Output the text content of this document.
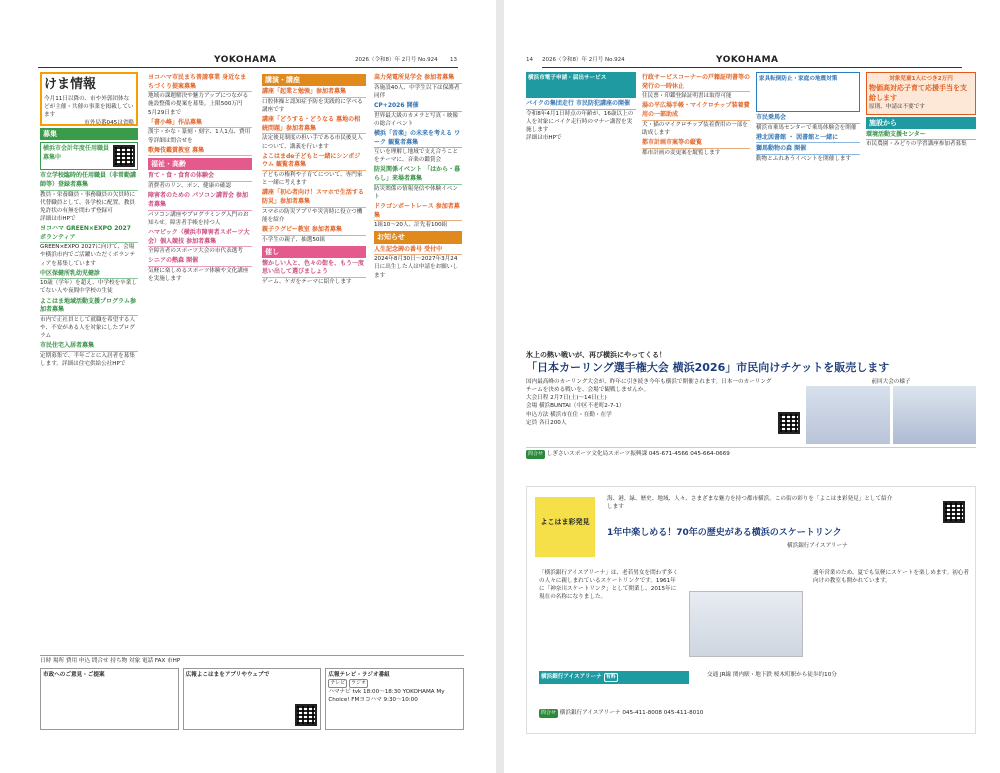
YOKOHAMA	2026（令和8）年 2月号 No.924 13
けま情報
今月11日以降の、市や外郭団体などが主催・共催の事業を掲載しています
市外局番045は省略
募集
横浜市会計年度任用職員募集中
市立学校臨時的任用職員（非常勤講師等）登録者募集
教員・栄養職員・事務職員の欠員時に代替職員として、各学校に配置。教員免許状の有無を問わず登録可
詳細は市HPで
ヨコハマ GREEN×EXPO 2027 ボランティア
GREEN×EXPO 2027に向けて、会場や横浜市内でご活躍いただくボランティアを募集しています
中区保健所乳幼児健診
10歳（学年）を超え、中学校を卒業してない人や夜間中学校の生徒
よこはま地域活動支援プログラム参加者募集
市内で正社員として就職を希望する人や、不安がある人を対象にしたプログラム
市民住宅入居者募集
定期募集で、半年ごとに入居者を募集します。詳細は住宅供給公社HPで
ヨコハマ市民まち普請事業 身近なまちづくり提案募集
地域の課題解決や魅力アップにつながる施設整備の提案を募集。上限500万円
5月29日まで
「書小峰」作品募集
漢字・かな・篆刻・刻字、1人1点、費用等詳細は問合せを
歌舞伎鑑賞教室 募集
福祉・高齢
育て・食・食育の体験会
消費者のリン、ポン、健康の確認
障害者のための パソコン講習会 参加者募集
パソコン講座やプログラミング入門のお知らせ。障害者手帳を持つ人
ハマピック（横浜市障害者スポーツ大会）個人競技 参加者募集
全障害者のスポーツ大会の市代表選考
シニアの熱森 開催
気軽に楽しめるスポーツ体験や文化講座を実施します
講演・講座
講座「起業と勉強」参加者募集
口腔体操と認知症予防を実践的に学べる講座です
講座「どうする・どうなる 墓地の相続問題」参加者募集
法定後見制度の担い手である市民後見人について、講義を行います
よこはまde子どもと一緒にシンポジウム 観覧者募集
子どもの権利や子育てについて、専門家と一緒に考えます
講座「初心者向け！スマホで生活する防災」参加者募集
スマホの防災アプリや災害時に役立つ機能を紹介
親子ラグビー教室 参加者募集
小学生の親子、抽選50組
催し
懐かしい人と、色々の街を、もう一度 思い出して選びましょう
ゲーム、ケガをテーマに紹介します
高力発電所見学会 参加者募集
各施設40人、中学生以下は保護者同伴
CP+2026 開催
世界最大級のカメラと写真・映像の総合イベント
横浜「音楽」の未来を考える ワーク 観覧者募集
互いを理解し地域で支え合うことをテーマに、音楽の鑑賞会
防災関係イベント 「はから・暮らし」来場者募集
防災関係の情報発信や体験イベント
ドラゴンボートレース 参加者募集
1組10〜20人、計先着100組
お知らせ
人生記念碑の番号 受付中
2024年8月30日〜2027年3月24日に出生した人は申請をお願いします
日時 場所 費用 申込 問合せ 持ち物 対象 電話 FAX 市HP
市政へのご意見・ご提案	広報よこはまをアプリやウェブで	広報テレビ・ラジオ番組
テレビ ラジオ
ハマナビ tvk 18:00〜18:30 YOKOHAMA My Choice! FMヨコハマ 9:30〜10:00
14 2026（令和8）年 2月号 No.924	YOKOHAMA
横浜市電子申請・届出サービス
バイクの集団走行 市民防犯講座の開催
令和8年4月1日時点の年齢が、16歳以上の人を対象にバイク走行時のマナー講習を実施します
詳細は市HPで
行政サービスコーナーの戸籍証明書等の発行の一時休止
住民票・印鑑登録証明書は取得可能
湯の平広場手帳・マイクロチップ装着費用の一部助成
犬・猫のマイクロチップ装着費用の一部を助成します
都市計画市案等の縦覧
都市計画の変更案を縦覧します
家具転倒防止・家庭の地震対策
市民乗馬会
横浜市乗馬センターで乗馬体験会を開催
港北図書館 ・ 図書館と一緒に
獅馬動物の森 開催
動物とふれあうイベントを開催します
対象児童1人につき2万円
物価高対応子育て応援手当を支給します
原則、申請は不要です
施設から
環境活動支援センター
市民農園・みどりの学習講座参加者募集
氷上の熱い戦いが、再び横浜にやってくる！
「日本カーリング選手権大会 横浜2026」市民向けチケットを販売します
国内最高峰のカーリング大会が、昨年に引き続き今年も横浜で開催されます。日本一のカーリングチームを決める戦いを、会場で観戦しませんか。
大会日程 2月7日(土)〜14日(土)
会場 横浜BUNTAI（中区不老町2-7-1）
申込方法 横浜市在住・在勤・在学
定員 各日200人
前回大会の様子
問合せ しぎさいスポーツ文化局スポーツ振興課 045-671-4566 045-664-0669
よこはま彩発見
海、港、緑、歴史、地域、人々、さまざまな魅力を持つ都市横浜。この街の彩りを「よこはま彩発見」として紹介します
1年中楽しめる！70年の歴史がある横浜のスケートリンク
横浜銀行アイスアリーナ
「横浜銀行アイスアリーナ」は、老若男女を問わず多くの人々に親しまれているスケートリンクです。1961年に「神奈川スケートリンク」として開業し、2015年に現在の名称になりました。
通年営業のため、夏でも気軽にスケートを楽しめます。初心者向けの教室も開かれています。
横浜銀行アイスアリーナ 有料	交通 JR線 関内駅・地下鉄 桜木町駅から徒歩約10分
問合せ 横浜銀行アイスアリーナ 045-411-8008 045-411-8010
